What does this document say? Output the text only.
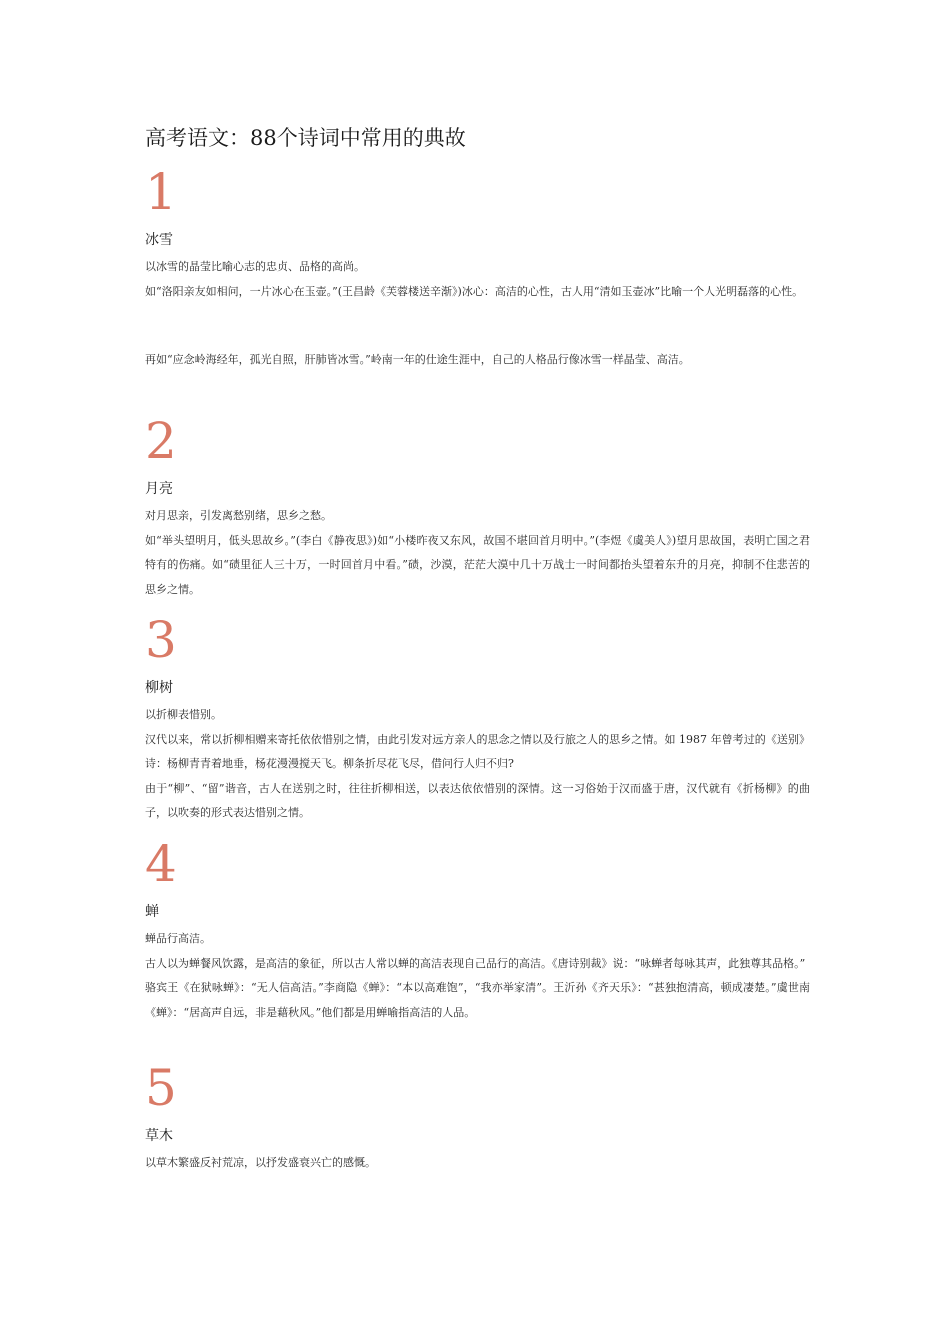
高考语文：88个诗词中常用的典故
1
冰雪

以冰雪的晶莹比喻心志的忠贞、品格的高尚。

如“洛阳亲友如相问，一片冰心在玉壶。”(王昌龄《芙蓉楼送辛渐》)冰心：高洁的心性，古人用“清如玉壶冰”比喻一个人光明磊落的心性。

再如“应念岭海经年，孤光自照，肝肺皆冰雪。”岭南一年的仕途生涯中，自己的人格品行像冰雪一样晶莹、高洁。

2
月亮

对月思亲，引发离愁别绪，思乡之愁。

如“举头望明月，低头思故乡。”(李白《静夜思》)如“小楼昨夜又东风，故国不堪回首月明中。”(李煜《虞美人》)望月思故国，表明亡国之君特有的伤痛。如“碛里征人三十万，一时回首月中看。”碛，沙漠，茫茫大漠中几十万战士一时间都抬头望着东升的月亮，抑制不住悲苦的思乡之情。

3
柳树

以折柳表惜别。

汉代以来，常以折柳相赠来寄托依依惜别之情，由此引发对远方亲人的思念之情以及行旅之人的思乡之情。如 1987 年曾考过的《送别》诗：杨柳青青着地垂，杨花漫漫搅天飞。柳条折尽花飞尽，借问行人归不归?

由于“柳”、“留”谐音，古人在送别之时，往往折柳相送，以表达依依惜别的深情。这一习俗始于汉而盛于唐，汉代就有《折杨柳》的曲子，以吹奏的形式表达惜别之情。

4
蝉

蝉品行高洁。

古人以为蝉餐风饮露，是高洁的象征，所以古人常以蝉的高洁表现自己品行的高洁。《唐诗别裁》说：“咏蝉者每咏其声，此独尊其品格。”

骆宾王《在狱咏蝉》：“无人信高洁。”李商隐《蝉》：“本以高难饱”，“我亦举家清”。王沂孙《齐天乐》：“甚独抱清高，顿成凄楚。”虞世南《蝉》：“居高声自远，非是藉秋风。”他们都是用蝉喻指高洁的人品。

5
草木

以草木繁盛反衬荒凉，以抒发盛衰兴亡的感慨。
